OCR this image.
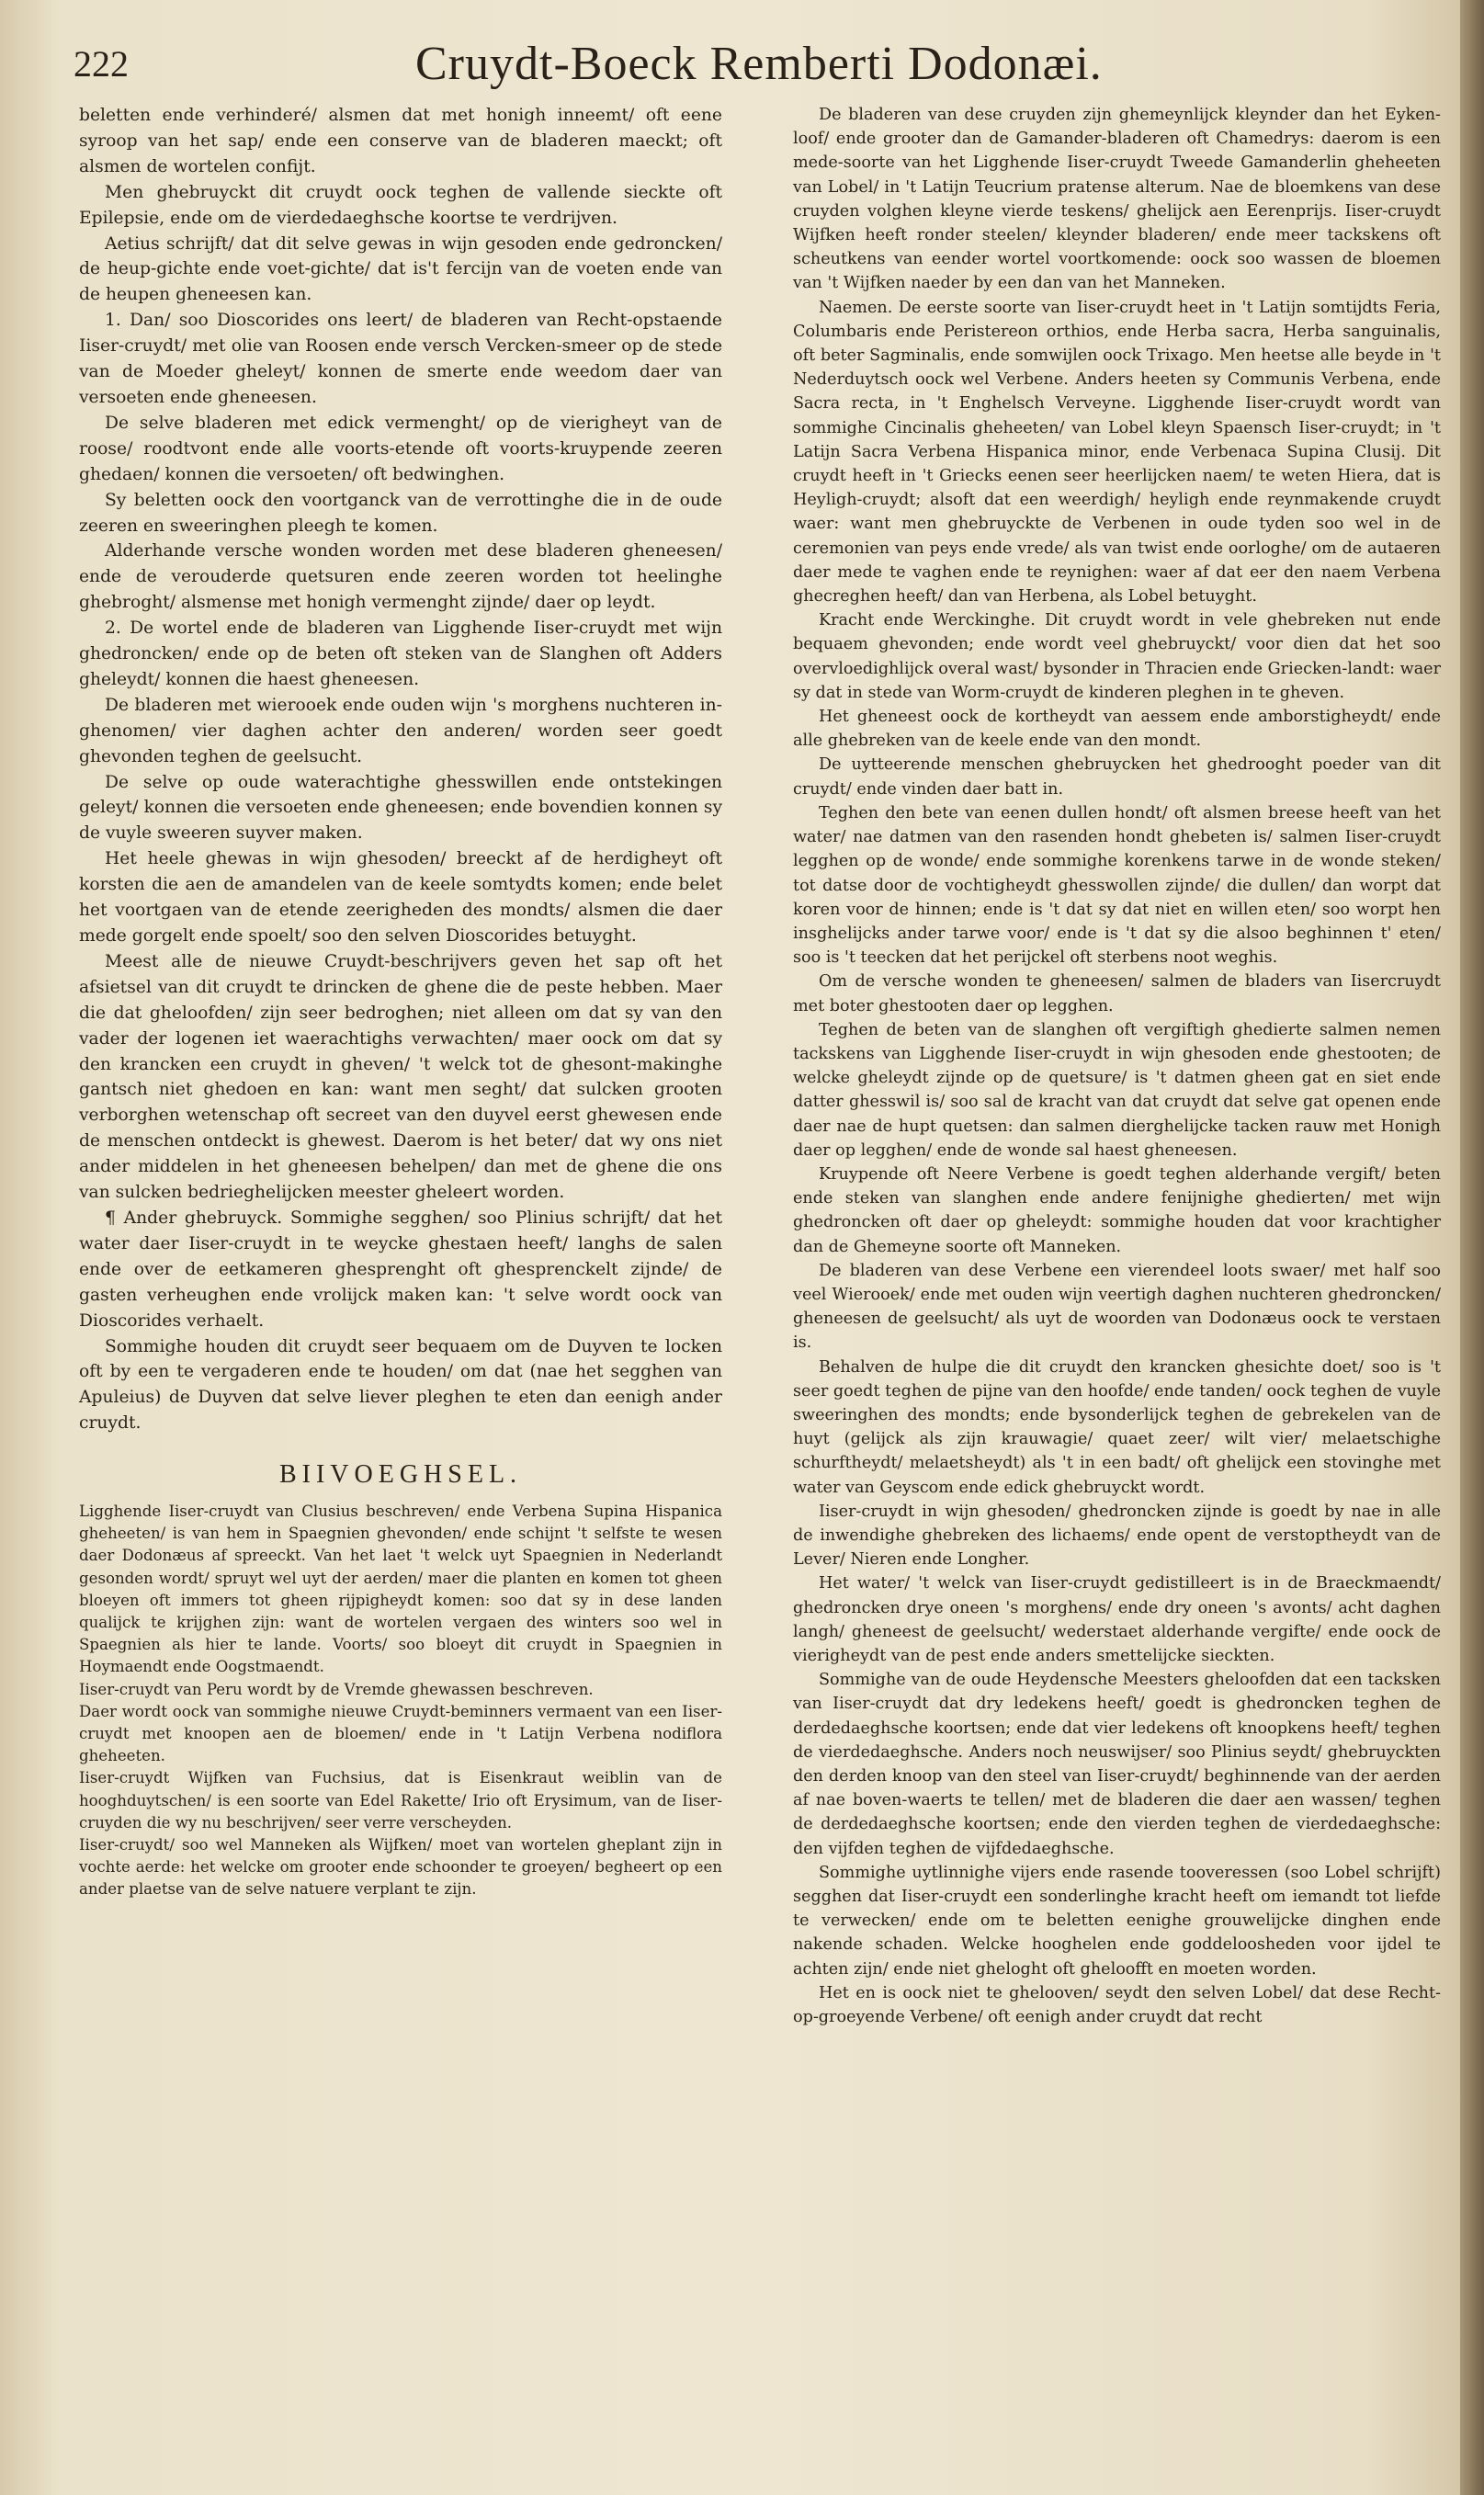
222	Cruydt-Boeck Remberti Dodonæi.

beletten ende verhinderé/ alsmen dat met honigh inneemt/ oft eene syroop van het sap/ ende een conserve van de bladeren maeckt; oft alsmen de wortelen confijt.

Men ghebruyckt dit cruydt oock teghen de vallende sieckte oft Epilepsie, ende om de vierdedaeghsche koortse te verdrijven.

Aetius schrijft/ dat dit selve gewas in wijn gesoden ende gedroncken/ de heup-gichte ende voet-gichte/ dat is't fercijn van de voeten ende van de heupen gheneesen kan.

1. Dan/ soo Dioscorides ons leert/ de bladeren van Recht-opstaende Iiser-cruydt/ met olie van Roosen ende versch Vercken-smeer op de stede van de Moeder gheleyt/ konnen de smerte ende weedom daer van versoeten ende gheneesen.

De selve bladeren met edick vermenght/ op de vierigheyt van de roose/ roodtvont ende alle voorts-etende oft voorts-kruypende zeeren ghedaen/ konnen die versoeten/ oft bedwinghen.

Sy beletten oock den voortganck van de verrottinghe die in de oude zeeren en sweeringhen pleegh te komen.

Alderhande versche wonden worden met dese bladeren gheneesen/ ende de verouderde quetsuren ende zeeren worden tot heelinghe ghebroght/ alsmense met honigh vermenght zijnde/ daer op leydt.

2. De wortel ende de bladeren van Ligghende Iiser-cruydt met wijn ghedroncken/ ende op de beten oft steken van de Slanghen oft Adders gheleydt/ konnen die haest gheneesen.

De bladeren met wierooek ende ouden wijn 's morghens nuchteren in-ghenomen/ vier daghen achter den anderen/ worden seer goedt ghevonden teghen de geelsucht.

De selve op oude waterachtighe ghesswillen ende ontstekingen geleyt/ konnen die versoeten ende gheneesen; ende bovendien konnen sy de vuyle sweeren suyver maken.

Het heele ghewas in wijn ghesoden/ breeckt af de herdigheyt oft korsten die aen de amandelen van de keele somtydts komen; ende belet het voortgaen van de etende zeerigheden des mondts/ alsmen die daer mede gorgelt ende spoelt/ soo den selven Dioscorides betuyght.

Meest alle de nieuwe Cruydt-beschrijvers geven het sap oft het afsietsel van dit cruydt te drincken de ghene die de peste hebben. Maer die dat gheloofden/ zijn seer bedroghen; niet alleen om dat sy van den vader der logenen iet waerachtighs verwachten/ maer oock om dat sy den krancken een cruydt in gheven/ 't welck tot de ghesont-makinghe gantsch niet ghedoen en kan: want men seght/ dat sulcken grooten verborghen wetenschap oft secreet van den duyvel eerst ghewesen ende de menschen ontdeckt is ghewest. Daerom is het beter/ dat wy ons niet ander middelen in het gheneesen behelpen/ dan met de ghene die ons van sulcken bedrieghelijcken meester gheleert worden.

¶ Ander ghebruyck. Sommighe segghen/ soo Plinius schrijft/ dat het water daer Iiser-cruydt in te weycke ghestaen heeft/ langhs de salen ende over de eetkameren ghesprenght oft ghesprenckelt zijnde/ de gasten verheughen ende vrolijck maken kan: 't selve wordt oock van Dioscorides verhaelt.

Sommighe houden dit cruydt seer bequaem om de Duyven te locken oft by een te vergaderen ende te houden/ om dat (nae het segghen van Apuleius) de Duyven dat selve liever pleghen te eten dan eenigh ander cruydt.

BIIVOEGHSEL.

Ligghende Iiser-cruydt van Clusius beschreven/ ende Verbena Supina Hispanica gheheeten/ is van hem in Spaegnien ghevonden/ ende schijnt 't selfste te wesen daer Dodonæus af spreeckt. Van het laet 't welck uyt Spaegnien in Nederlandt gesonden wordt/ spruyt wel uyt der aerden/ maer die planten en komen tot gheen bloeyen oft immers tot gheen rijpigheydt komen: soo dat sy in dese landen qualijck te krijghen zijn: want de wortelen vergaen des winters soo wel in Spaegnien als hier te lande. Voorts/ soo bloeyt dit cruydt in Spaegnien in Hoymaendt ende Oogstmaendt.

Iiser-cruydt van Peru wordt by de Vremde ghewassen beschreven.

Daer wordt oock van sommighe nieuwe Cruydt-beminners vermaent van een Iiser-cruydt met knoopen aen de bloemen/ ende in 't Latijn Verbena nodiflora gheheeten.

Iiser-cruydt Wijfken van Fuchsius, dat is Eisenkraut weiblin van de hooghduytschen/ is een soorte van Edel Rakette/ Irio oft Erysimum, van de Iiser-cruyden die wy nu beschrijven/ seer verre verscheyden.

Iiser-cruydt/ soo wel Manneken als Wijfken/ moet van wortelen gheplant zijn in vochte aerde: het welcke om grooter ende schoonder te groeyen/ begheert op een ander plaetse van de selve natuere verplant te zijn.

De bladeren van dese cruyden zijn ghemeynlijck kleynder dan het Eyken-loof/ ende grooter dan de Gamander-bladeren oft Chamedrys: daerom is een mede-soorte van het Ligghende Iiser-cruydt Tweede Gamanderlin gheheeten van Lobel/ in 't Latijn Teucrium pratense alterum. Nae de bloemkens van dese cruyden volghen kleyne vierde teskens/ ghelijck aen Eerenprijs. Iiser-cruydt Wijfken heeft ronder steelen/ kleynder bladeren/ ende meer tackskens oft scheutkens van eender wortel voortkomende: oock soo wassen de bloemen van 't Wijfken naeder by een dan van het Manneken.

Naemen. De eerste soorte van Iiser-cruydt heet in 't Latijn somtijdts Feria, Columbaris ende Peristereon orthios, ende Herba sacra, Herba sanguinalis, oft beter Sagminalis, ende somwijlen oock Trixago. Men heetse alle beyde in 't Nederduytsch oock wel Verbene. Anders heeten sy Communis Verbena, ende Sacra recta, in 't Enghelsch Verveyne. Ligghende Iiser-cruydt wordt van sommighe Cincinalis gheheeten/ van Lobel kleyn Spaensch Iiser-cruydt; in 't Latijn Sacra Verbena Hispanica minor, ende Verbenaca Supina Clusij. Dit cruydt heeft in 't Griecks eenen seer heerlijcken naem/ te weten Hiera, dat is Heyligh-cruydt; alsoft dat een weerdigh/ heyligh ende reynmakende cruydt waer: want men ghebruyckte de Verbenen in oude tyden soo wel in de ceremonien van peys ende vrede/ als van twist ende oorloghe/ om de autaeren daer mede te vaghen ende te reynighen: waer af dat eer den naem Verbena ghecreghen heeft/ dan van Herbena, als Lobel betuyght.

Kracht ende Werckinghe. Dit cruydt wordt in vele ghebreken nut ende bequaem ghevonden; ende wordt veel ghebruyckt/ voor dien dat het soo overvloedighlijck overal wast/ bysonder in Thracien ende Griecken-landt: waer sy dat in stede van Worm-cruydt de kinderen pleghen in te gheven.

Het gheneest oock de kortheydt van aessem ende amborstigheydt/ ende alle ghebreken van de keele ende van den mondt.

De uytteerende menschen ghebruycken het ghedrooght poeder van dit cruydt/ ende vinden daer batt in.

Teghen den bete van eenen dullen hondt/ oft alsmen breese heeft van het water/ nae datmen van den rasenden hondt ghebeten is/ salmen Iiser-cruydt legghen op de wonde/ ende sommighe korenkens tarwe in de wonde steken/ tot datse door de vochtigheydt ghesswollen zijnde/ die dullen/ dan worpt dat koren voor de hinnen; ende is 't dat sy dat niet en willen eten/ soo worpt hen insghelijcks ander tarwe voor/ ende is 't dat sy die alsoo beghinnen t' eten/ soo is 't teecken dat het perijckel oft sterbens noot weghis.

Om de versche wonden te gheneesen/ salmen de bladers van Iisercruydt met boter ghestooten daer op legghen.

Teghen de beten van de slanghen oft vergiftigh ghedierte salmen nemen tackskens van Ligghende Iiser-cruydt in wijn ghesoden ende ghestooten; de welcke gheleydt zijnde op de quetsure/ is 't datmen gheen gat en siet ende datter ghesswil is/ soo sal de kracht van dat cruydt dat selve gat openen ende daer nae de hupt quetsen: dan salmen dierghelijcke tacken rauw met Honigh daer op legghen/ ende de wonde sal haest gheneesen.

Kruypende oft Neere Verbene is goedt teghen alderhande vergift/ beten ende steken van slanghen ende andere fenijnighe ghedierten/ met wijn ghedroncken oft daer op gheleydt: sommighe houden dat voor krachtigher dan de Ghemeyne soorte oft Manneken.

De bladeren van dese Verbene een vierendeel loots swaer/ met half soo veel Wierooek/ ende met ouden wijn veertigh daghen nuchteren ghedroncken/ gheneesen de geelsucht/ als uyt de woorden van Dodonæus oock te verstaen is.

Behalven de hulpe die dit cruydt den krancken ghesichte doet/ soo is 't seer goedt teghen de pijne van den hoofde/ ende tanden/ oock teghen de vuyle sweeringhen des mondts; ende bysonderlijck teghen de gebrekelen van de huyt (gelijck als zijn krauwagie/ quaet zeer/ wilt vier/ melaetschighe schurftheydt/ melaetsheydt) als 't in een badt/ oft ghelijck een stovinghe met water van Geyscom ende edick ghebruyckt wordt.

Iiser-cruydt in wijn ghesoden/ ghedroncken zijnde is goedt by nae in alle de inwendighe ghebreken des lichaems/ ende opent de verstoptheydt van de Lever/ Nieren ende Longher.

Het water/ 't welck van Iiser-cruydt gedistilleert is in de Braeckmaendt/ ghedroncken drye oneen 's morghens/ ende dry oneen 's avonts/ acht daghen langh/ gheneest de geelsucht/ wederstaet alderhande vergifte/ ende oock de vierigheydt van de pest ende anders smettelijcke sieckten.

Sommighe van de oude Heydensche Meesters gheloofden dat een tacksken van Iiser-cruydt dat dry ledekens heeft/ goedt is ghedroncken teghen de derdedaeghsche koortsen; ende dat vier ledekens oft knoopkens heeft/ teghen de vierdedaeghsche. Anders noch neuswijser/ soo Plinius seydt/ ghebruyckten den derden knoop van den steel van Iiser-cruydt/ beghinnende van der aerden af nae boven-waerts te tellen/ met de bladeren die daer aen wassen/ teghen de derdedaeghsche koortsen; ende den vierden teghen de vierdedaeghsche: den vijfden teghen de vijfdedaeghsche.

Sommighe uytlinnighe vijers ende rasende tooveressen (soo Lobel schrijft) segghen dat Iiser-cruydt een sonderlinghe kracht heeft om iemandt tot liefde te verwecken/ ende om te beletten eenighe grouwelijcke dinghen ende nakende schaden. Welcke hooghelen ende goddeloosheden voor ijdel te achten zijn/ ende niet gheloght oft gheloofft en moeten worden.

Het en is oock niet te ghelooven/ seydt den selven Lobel/ dat dese Recht-op-groeyende Verbene/ oft eenigh ander cruydt dat recht
